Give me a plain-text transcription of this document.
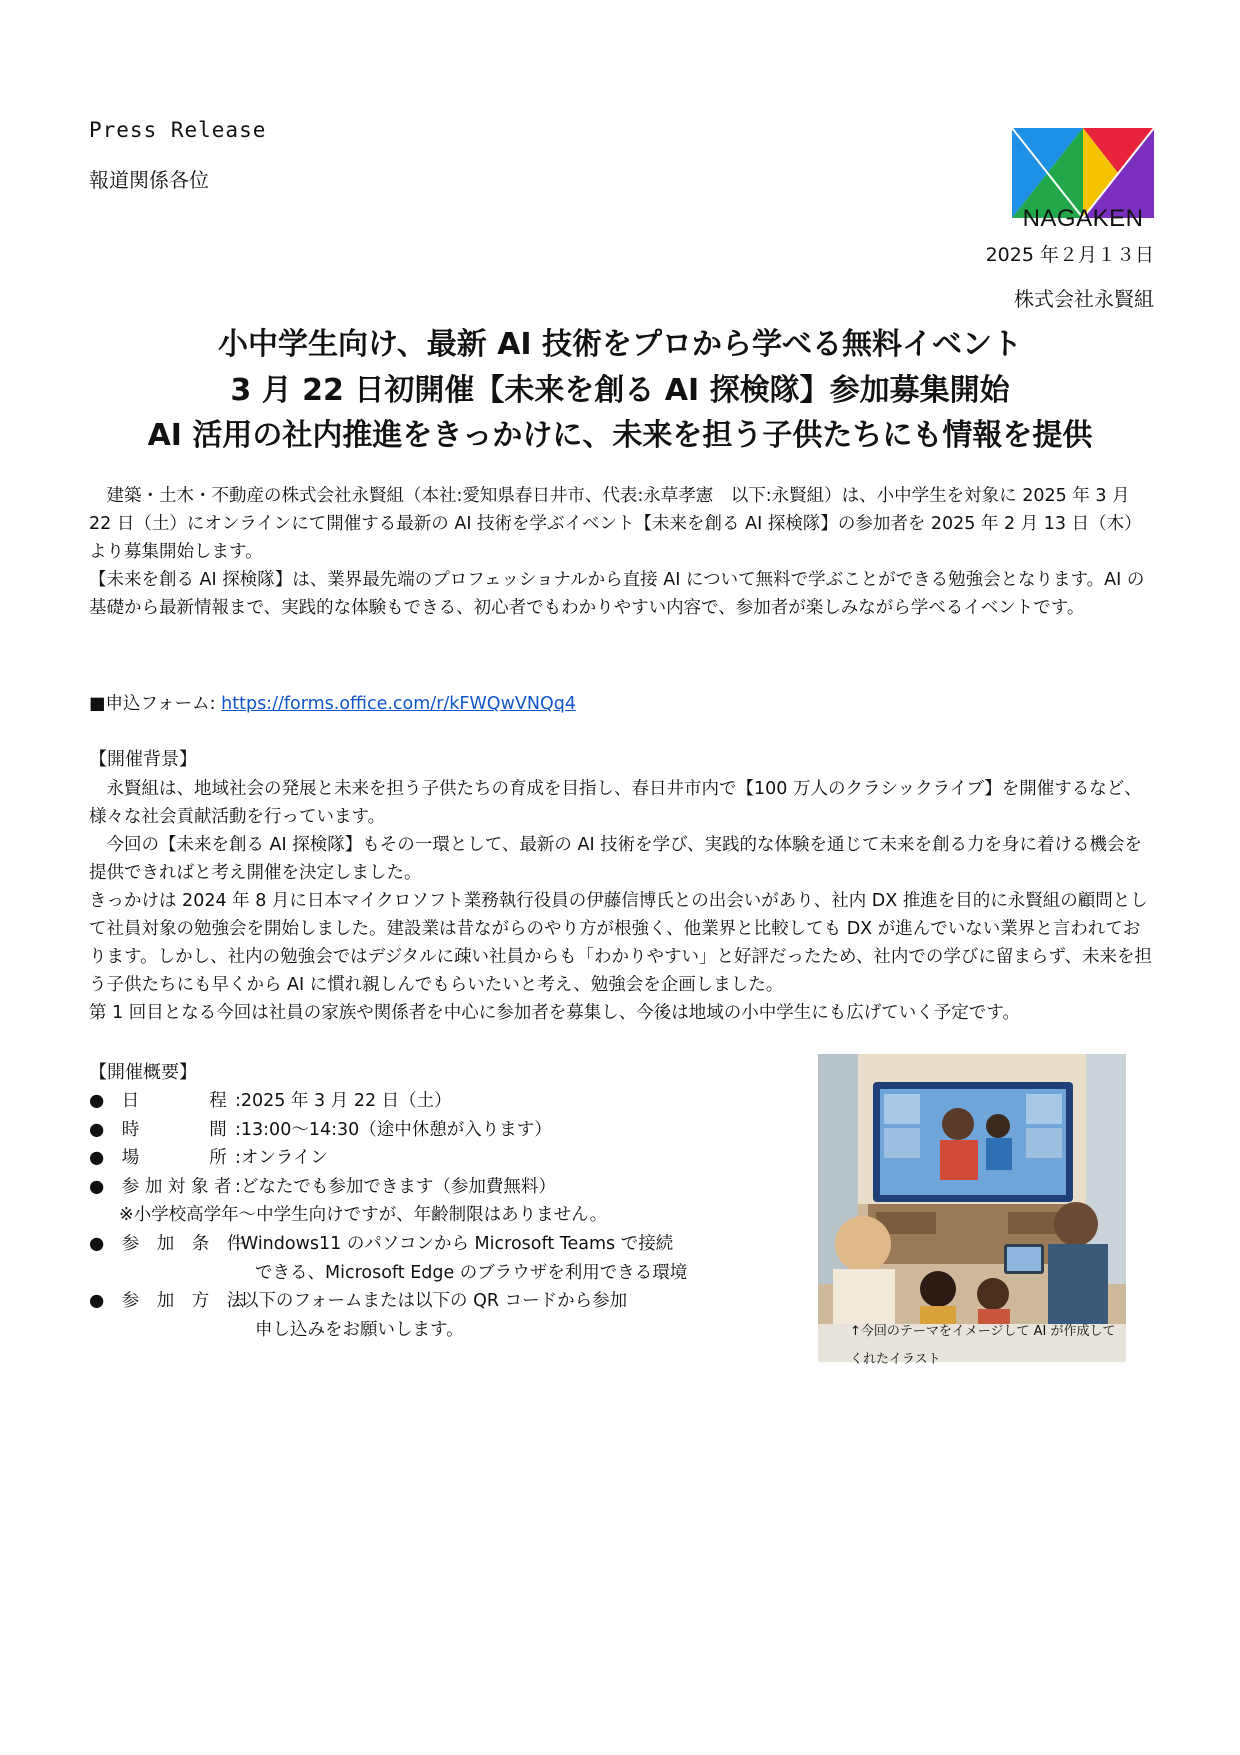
Press Release
報道関係各位
NAGAKEN
2025 年２月１３日
株式会社永賢組
小中学生向け、最新 AI 技術をプロから学べる無料イベント
3 月 22 日初開催【未来を創る AI 探検隊】参加募集開始
AI 活用の社内推進をきっかけに、未来を担う子供たちにも情報を提供

建築・土木・不動産の株式会社永賢組（本社:愛知県春日井市、代表:永草孝憲　以下:永賢組）は、小中学生を対象に 2025 年 3 月 22 日（土）にオンラインにて開催する最新の AI 技術を学ぶイベント【未来を創る AI 探検隊】の参加者を 2025 年 2 月 13 日（木）より募集開始します。

【未来を創る AI 探検隊】は、業界最先端のプロフェッショナルから直接 AI について無料で学ぶことができる勉強会となります。AI の基礎から最新情報まで、実践的な体験もできる、初心者でもわかりやすい内容で、参加者が楽しみながら学べるイベントです。

■申込フォーム: https://forms.office.com/r/kFWQwVNQq4
【開催背景】

永賢組は、地域社会の発展と未来を担う子供たちの育成を目指し、春日井市内で【100 万人のクラシックライブ】を開催するなど、様々な社会貢献活動を行っています。

今回の【未来を創る AI 探検隊】もその一環として、最新の AI 技術を学び、実践的な体験を通じて未来を創る力を身に着ける機会を提供できればと考え開催を決定しました。

きっかけは 2024 年 8 月に日本マイクロソフト業務執行役員の伊藤信博氏との出会いがあり、社内 DX 推進を目的に永賢組の顧問として社員対象の勉強会を開始しました。建設業は昔ながらのやり方が根強く、他業界と比較しても DX が進んでいない業界と言われております。しかし、社内の勉強会ではデジタルに疎い社員からも「わかりやすい」と好評だったため、社内での学びに留まらず、未来を担う子供たちにも早くから AI に慣れ親しんでもらいたいと考え、勉強会を企画しました。

第 1 回目となる今回は社員の家族や関係者を中心に参加者を募集し、今後は地域の小中学生にも広げていく予定です。

【開催概要】
●　日　　　　程 :2025 年 3 月 22 日（土）
●　時　　　　間 :13:00～14:30（途中休憩が入ります）
●　場　　　　所 :オンライン
●　参 加 対 象 者 :どなたでも参加できます（参加費無料）
※小学校高学年～中学生向けですが、年齢制限はありません。
●　参　加　条　件
:Windows11 のパソコンから Microsoft Teams で接続
できる、Microsoft Edge のブラウザを利用できる環境
●　参　加　方　法
:以下のフォームまたは以下の QR コードから参加
申し込みをお願いします。	↑今回のテーマをイメージして AI が作成してくれたイラスト
